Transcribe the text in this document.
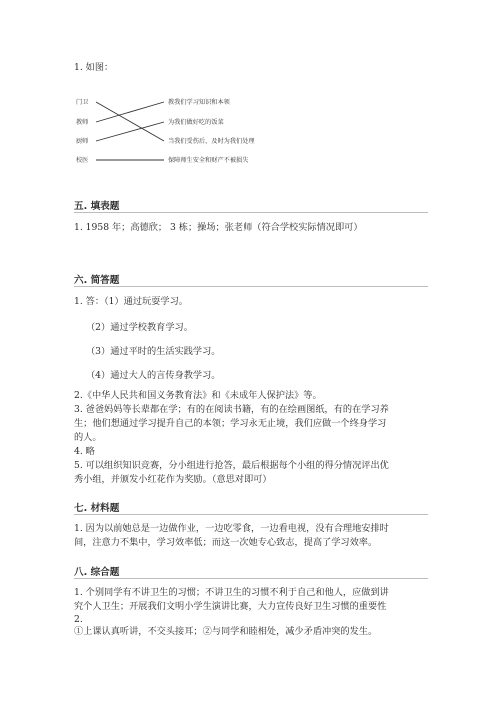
1. 如图：
门卫
教师
厨师
校医
教我们学习知识和本领
为我们做好吃的饭菜
当我们受伤后，及时为我们处理
保障师生安全和财产不被损失
五. 填表题
1. 1958 年；高德欣； 3 栋；操场；张老师（符合学校实际情况即可）
六. 简答题
1. 答：（1）通过玩耍学习。
（2）通过学校教育学习。
（3）通过平时的生活实践学习。
（4）通过大人的言传身教学习。
2.《中华人民共和国义务教育法》和《未成年人保护法》等。
3. 爸爸妈妈等长辈都在学；有的在阅读书籍，有的在绘画图纸，有的在学习养
生；他们想通过学习提升自己的本领；学习永无止境，我们应做一个终身学习
的人。
4. 略
5. 可以组织知识竞赛，分小组进行抢答，最后根据每个小组的得分情况评出优
秀小组，并颁发小红花作为奖励。（意思对即可）
七. 材料题
1. 因为以前她总是一边做作业，一边吃零食，一边看电视，没有合理地安排时
间，注意力不集中，学习效率低；而这一次她专心致志，提高了学习效率。
八. 综合题
1. 个别同学有不讲卫生的习惯；不讲卫生的习惯不利于自己和他人，应做到讲
究个人卫生；开展我们文明小学生演讲比赛，大力宣传良好卫生习惯的重要性
2.
①上课认真听讲，不交头接耳；②与同学和睦相处，减少矛盾冲突的发生。
